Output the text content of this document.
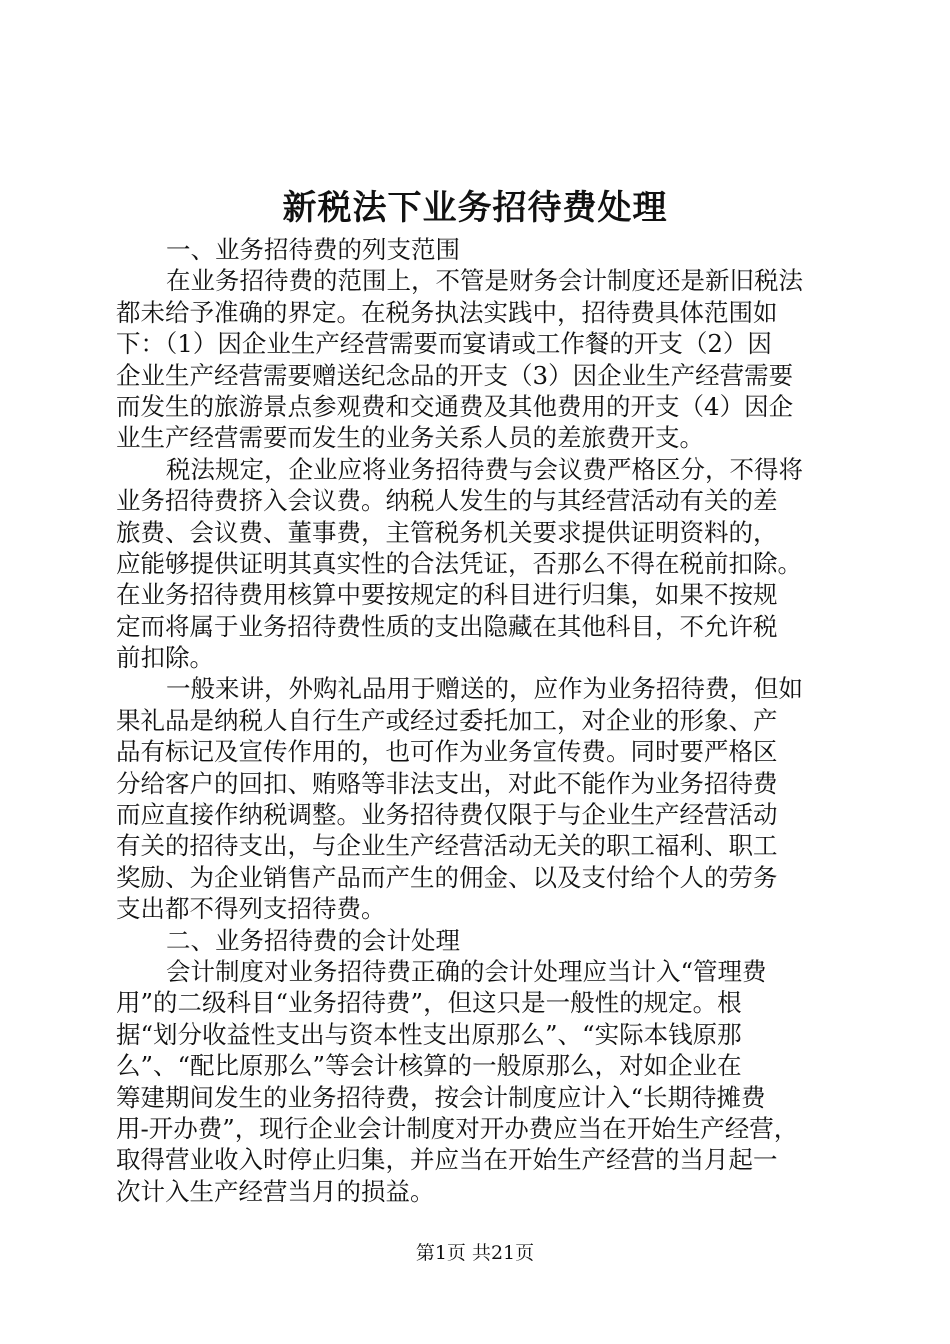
新税法下业务招待费处理
一、业务招待费的列支范围
在业务招待费的范围上，不管是财务会计制度还是新旧税法
都未给予准确的界定。在税务执法实践中，招待费具体范围如
下：（1）因企业生产经营需要而宴请或工作餐的开支（2）因
企业生产经营需要赠送纪念品的开支（3）因企业生产经营需要
而发生的旅游景点参观费和交通费及其他费用的开支（4）因企
业生产经营需要而发生的业务关系人员的差旅费开支。
税法规定，企业应将业务招待费与会议费严格区分，不得将
业务招待费挤入会议费。纳税人发生的与其经营活动有关的差
旅费、会议费、董事费，主管税务机关要求提供证明资料的，
应能够提供证明其真实性的合法凭证，否那么不得在税前扣除。
在业务招待费用核算中要按规定的科目进行归集，如果不按规
定而将属于业务招待费性质的支出隐藏在其他科目，不允许税
前扣除。
一般来讲，外购礼品用于赠送的，应作为业务招待费，但如
果礼品是纳税人自行生产或经过委托加工，对企业的形象、产
品有标记及宣传作用的，也可作为业务宣传费。同时要严格区
分给客户的回扣、贿赂等非法支出，对此不能作为业务招待费
而应直接作纳税调整。业务招待费仅限于与企业生产经营活动
有关的招待支出，与企业生产经营活动无关的职工福利、职工
奖励、为企业销售产品而产生的佣金、以及支付给个人的劳务
支出都不得列支招待费。
二、业务招待费的会计处理
会计制度对业务招待费正确的会计处理应当计入“管理费
用”的二级科目“业务招待费”，但这只是一般性的规定。根
据“划分收益性支出与资本性支出原那么”、“实际本钱原那
么”、“配比原那么”等会计核算的一般原那么，对如企业在
筹建期间发生的业务招待费，按会计制度应计入“长期待摊费
用-开办费”，现行企业会计制度对开办费应当在开始生产经营，
取得营业收入时停止归集，并应当在开始生产经营的当月起一
次计入生产经营当月的损益。
第1页 共21页
